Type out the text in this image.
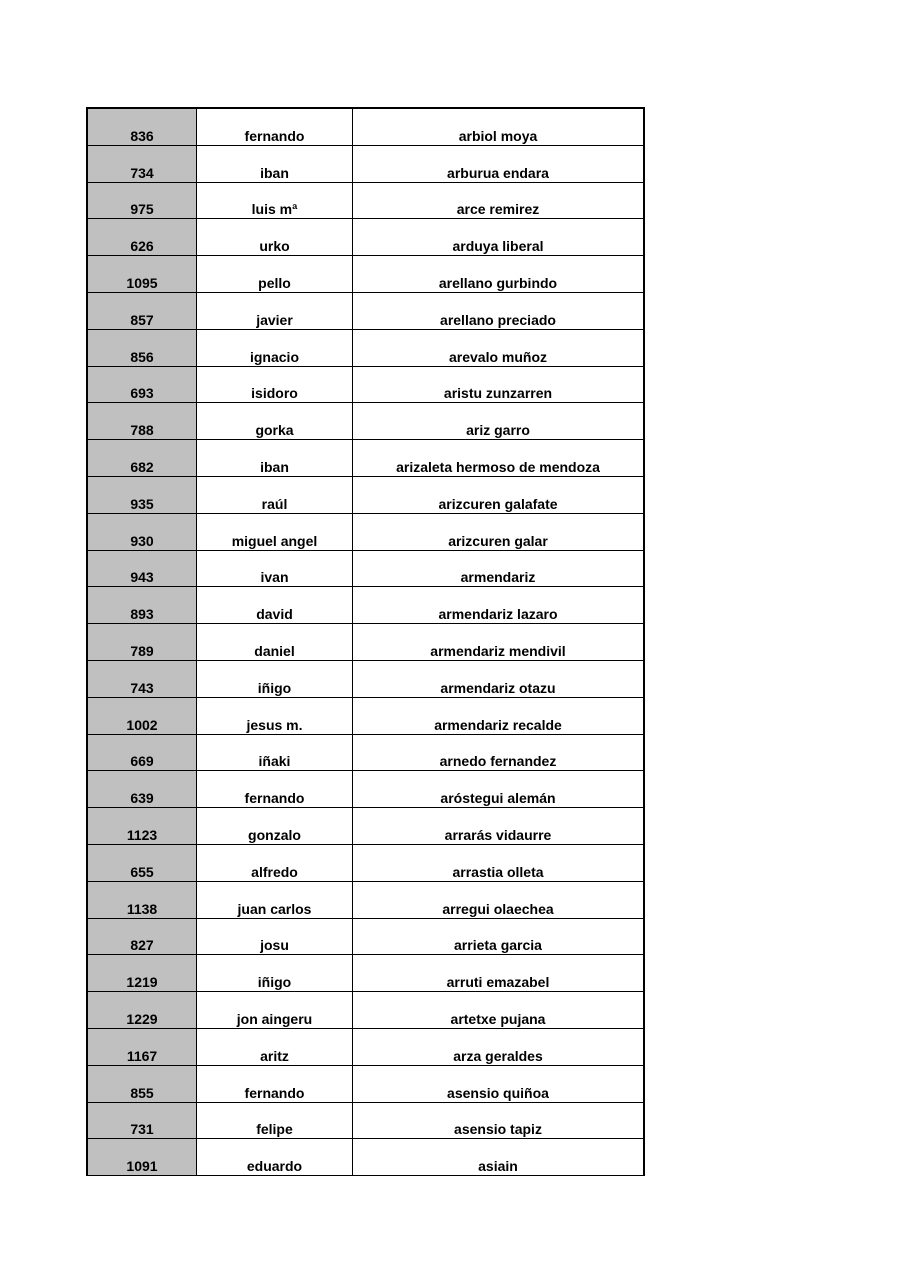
836	fernando	arbiol moya
734	iban	arburua endara
975	luis mª	arce remirez
626	urko	arduya liberal
1095	pello	arellano gurbindo
857	javier	arellano preciado
856	ignacio	arevalo muñoz
693	isidoro	aristu zunzarren
788	gorka	ariz garro
682	iban	arizaleta hermoso de mendoza
935	raúl	arizcuren galafate
930	miguel angel	arizcuren galar
943	ivan	armendariz
893	david	armendariz lazaro
789	daniel	armendariz mendivil
743	iñigo	armendariz otazu
1002	jesus m.	armendariz recalde
669	iñaki	arnedo fernandez
639	fernando	aróstegui alemán
1123	gonzalo	arrarás vidaurre
655	alfredo	arrastia olleta
1138	juan carlos	arregui olaechea
827	josu	arrieta garcia
1219	iñigo	arruti emazabel
1229	jon aingeru	artetxe pujana
1167	aritz	arza geraldes
855	fernando	asensio quiñoa
731	felipe	asensio tapiz
1091	eduardo	asiain
